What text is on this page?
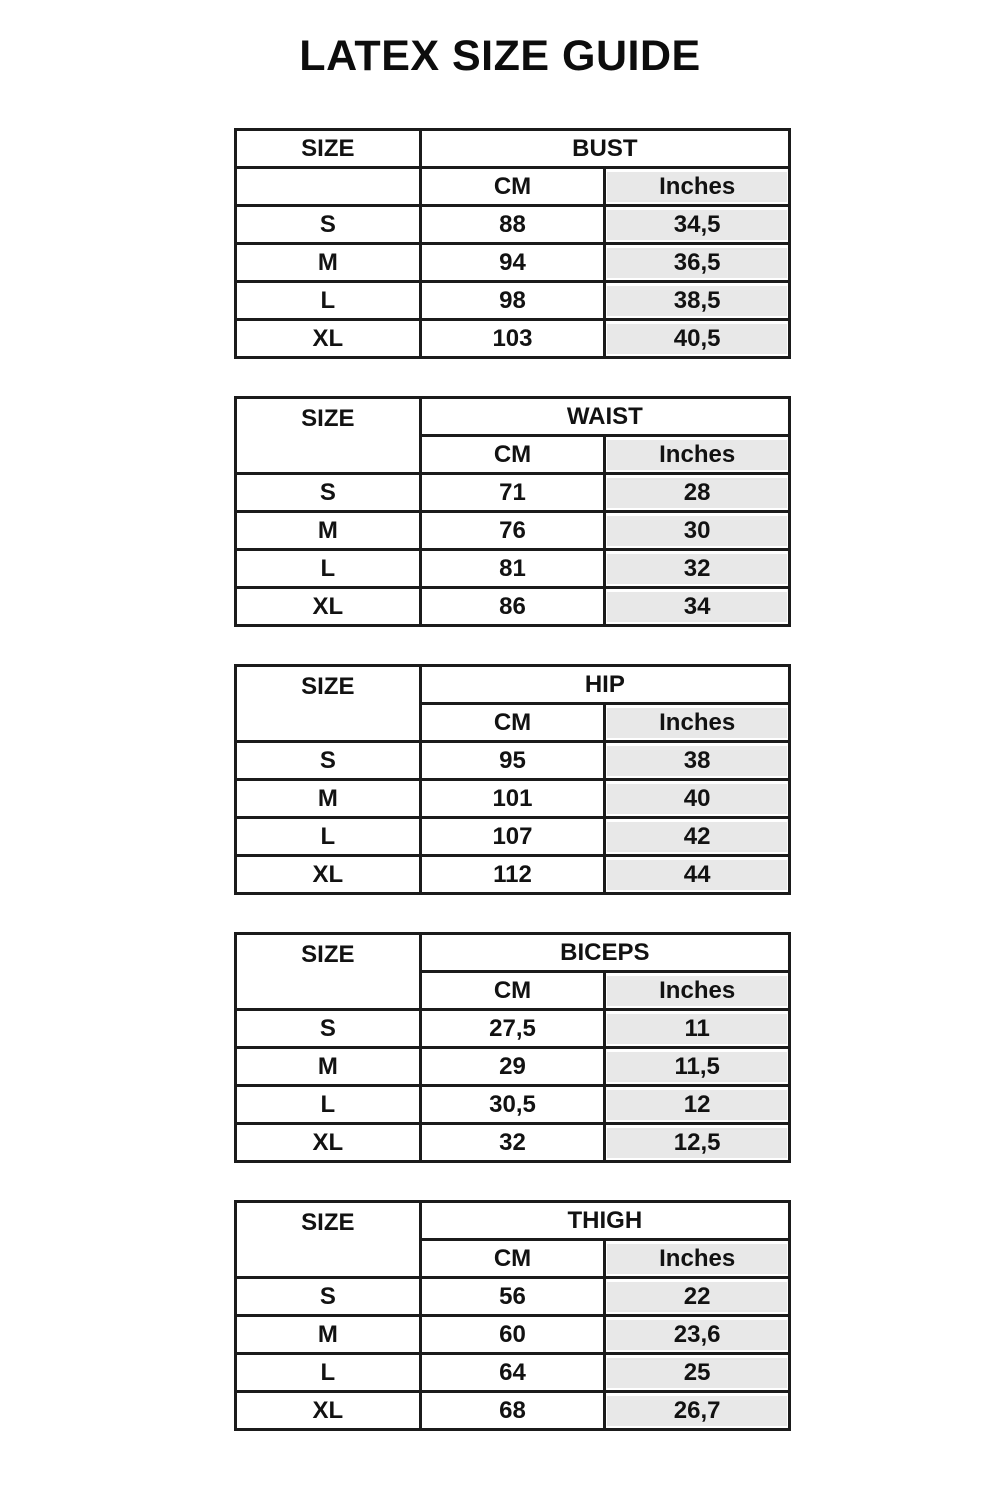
LATEX SIZE GUIDE
SIZE	BUST	
	CM	Inches

S	88	34,5

M	94	36,5

L	98	38,5

XL	103	40,5
SIZE	WAIST	
	CM	Inches

S	71	28

M	76	30

L	81	32

XL	86	34
SIZE	HIP	
	CM	Inches

S	95	38

M	101	40

L	107	42

XL	112	44
SIZE	BICEPS	
	CM	Inches

S	27,5	11

M	29	11,5

L	30,5	12

XL	32	12,5
SIZE	THIGH	
	CM	Inches

S	56	22

M	60	23,6

L	64	25

XL	68	26,7
